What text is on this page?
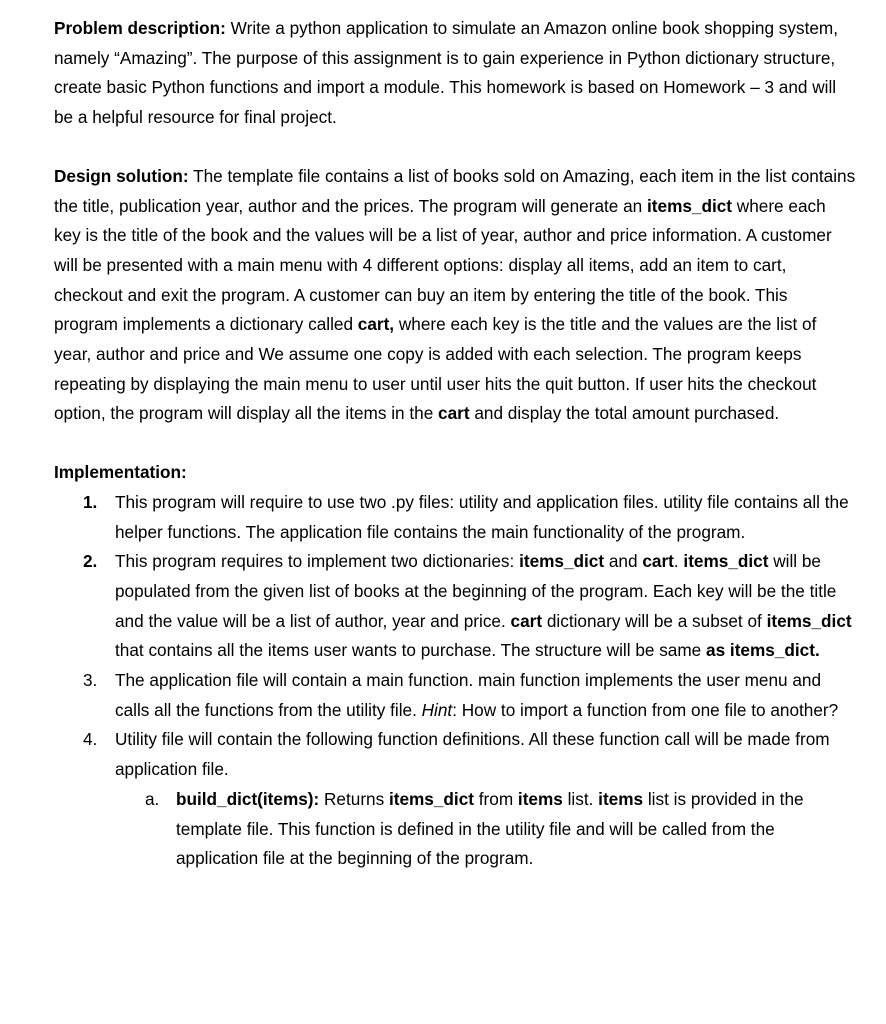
Problem description: Write a python application to simulate an Amazon online book shopping system, namely “Amazing”. The purpose of this assignment is to gain experience in Python dictionary structure, create basic Python functions and import a module. This homework is based on Homework – 3 and will be a helpful resource for final project.

Design solution: The template file contains a list of books sold on Amazing, each item in the list contains the title, publication year, author and the prices. The program will generate an items_dict where each key is the title of the book and the values will be a list of year, author and price information. A customer will be presented with a main menu with 4 different options: display all items, add an item to cart, checkout and exit the program. A customer can buy an item by entering the title of the book. This program implements a dictionary called cart, where each key is the title and the values are the list of year, author and price and We assume one copy is added with each selection. The program keeps repeating by displaying the main menu to user until user hits the quit button. If user hits the checkout option, the program will display all the items in the cart and display the total amount purchased.

Implementation:

1. This program will require to use two .py files: utility and application files. utility file contains all the helper functions. The application file contains the main functionality of the program.
2. This program requires to implement two dictionaries: items_dict and cart. items_dict will be populated from the given list of books at the beginning of the program. Each key will be the title and the value will be a list of author, year and price. cart dictionary will be a subset of items_dict that contains all the items user wants to purchase. The structure will be same as items_dict.
3. The application file will contain a main function. main function implements the user menu and calls all the functions from the utility file. Hint: How to import a function from one file to another?
4. Utility file will contain the following function definitions. All these function call will be made from application file.
a. build_dict(items): Returns items_dict from items list. items list is provided in the template file. This function is defined in the utility file and will be called from the application file at the beginning of the program.
